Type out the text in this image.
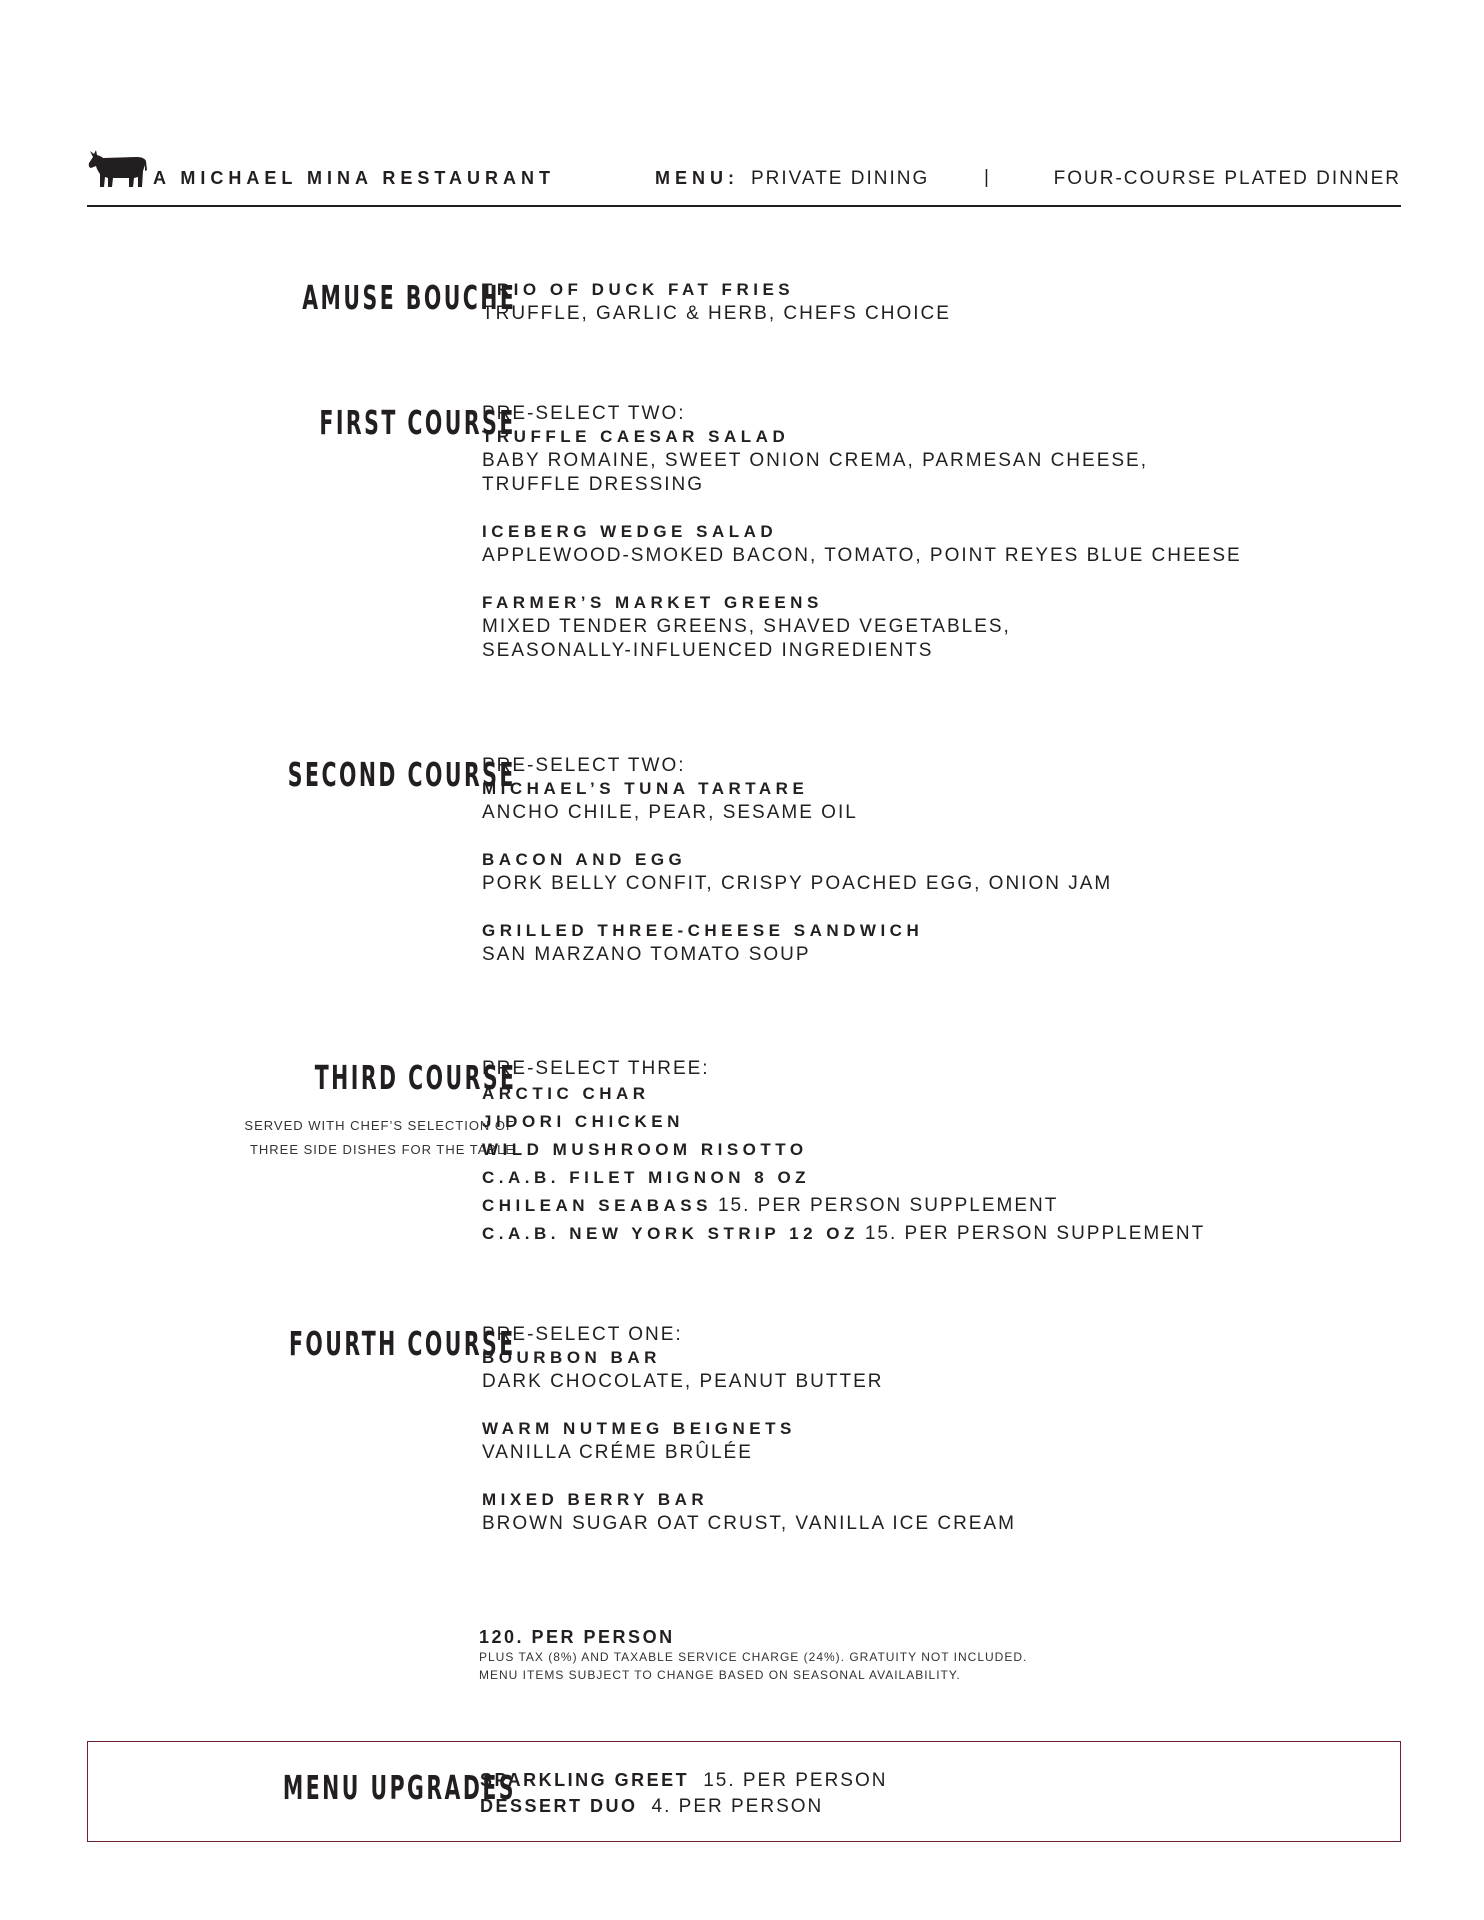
A MICHAEL MINA RESTAURANT	MENU: PRIVATE DINING	|	FOUR-COURSE PLATED DINNER
AMUSE BOUCHE
TRIO OF DUCK FAT FRIES
TRUFFLE, GARLIC & HERB, CHEFS CHOICE
FIRST COURSE
PRE-SELECT TWO:
TRUFFLE CAESAR SALAD
BABY ROMAINE, SWEET ONION CREMA, PARMESAN CHEESE,
TRUFFLE DRESSING
ICEBERG WEDGE SALAD
APPLEWOOD-SMOKED BACON, TOMATO, POINT REYES BLUE CHEESE
FARMER’S MARKET GREENS
MIXED TENDER GREENS, SHAVED VEGETABLES,
SEASONALLY-INFLUENCED INGREDIENTS
SECOND COURSE
PRE-SELECT TWO:
MICHAEL’S TUNA TARTARE
ANCHO CHILE, PEAR, SESAME OIL
BACON AND EGG
PORK BELLY CONFIT, CRISPY POACHED EGG, ONION JAM
GRILLED THREE-CHEESE SANDWICH
SAN MARZANO TOMATO SOUP
THIRD COURSE
SERVED WITH CHEF’S SELECTION OF
THREE SIDE DISHES FOR THE TABLE
PRE-SELECT THREE:
ARCTIC CHAR
JIDORI CHICKEN
WILD MUSHROOM RISOTTO
C.A.B. FILET MIGNON 8 OZ
CHILEAN SEABASS 15. PER PERSON SUPPLEMENT
C.A.B. NEW YORK STRIP 12 OZ 15. PER PERSON SUPPLEMENT
FOURTH COURSE
PRE-SELECT ONE:
BOURBON BAR
DARK CHOCOLATE, PEANUT BUTTER
WARM NUTMEG BEIGNETS
VANILLA CRÉME BRÛLÉE
MIXED BERRY BAR
BROWN SUGAR OAT CRUST, VANILLA ICE CREAM
120. PER PERSON
PLUS TAX (8%) AND TAXABLE SERVICE CHARGE (24%). GRATUITY NOT INCLUDED.
MENU ITEMS SUBJECT TO CHANGE BASED ON SEASONAL AVAILABILITY.
MENU UPGRADES
SPARKLING GREET 15. PER PERSON
DESSERT DUO 4. PER PERSON
